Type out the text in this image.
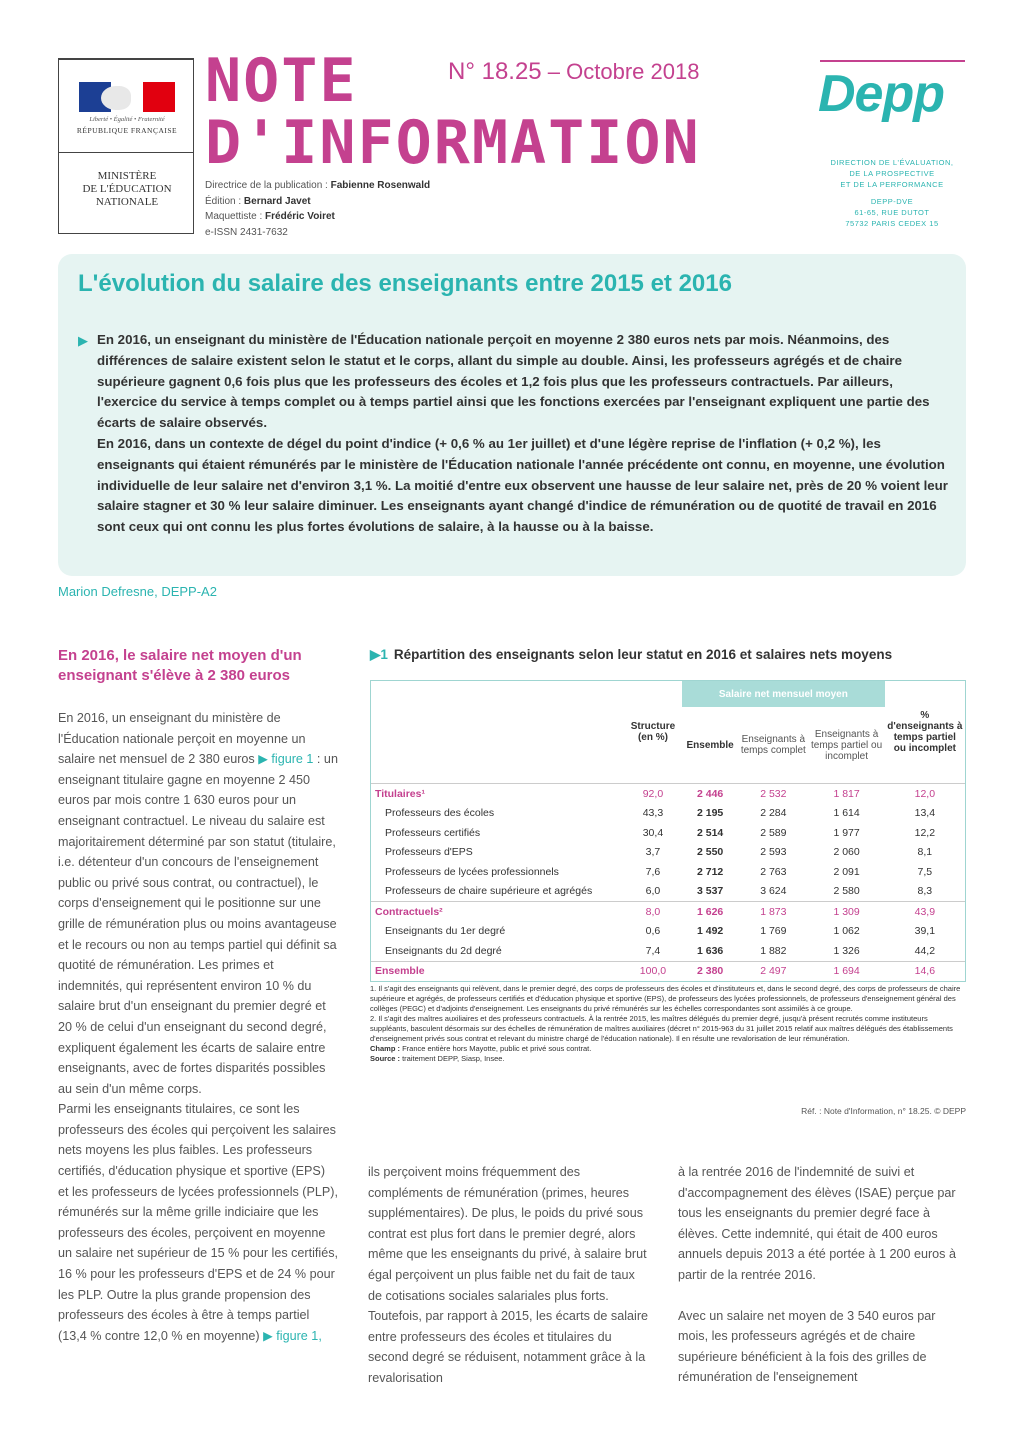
Liberté • Égalité • Fraternité
RÉPUBLIQUE FRANÇAISE
MINISTÈRE
DE L'ÉDUCATION
NATIONALE
NOTE
D'INFORMATION
N° 18.25 – Octobre 2018
Directrice de la publication : Fabienne Rosenwald
Édition : Bernard Javet
Maquettiste : Frédéric Voiret
e-ISSN 2431-7632
Depp
DIRECTION DE L'ÉVALUATION,
DE LA PROSPECTIVE
ET DE LA PERFORMANCE
DEPP-DVE
61-65, RUE DUTOT
75732 PARIS CEDEX 15
L'évolution du salaire des enseignants entre 2015 et 2016
▶ En 2016, un enseignant du ministère de l'Éducation nationale perçoit en moyenne 2 380 euros nets par mois. Néanmoins, des différences de salaire existent selon le statut et le corps, allant du simple au double. Ainsi, les professeurs agrégés et de chaire supérieure gagnent 0,6 fois plus que les professeurs des écoles et 1,2 fois plus que les professeurs contractuels. Par ailleurs, l'exercice du service à temps complet ou à temps partiel ainsi que les fonctions exercées par l'enseignant expliquent une partie des écarts de salaire observés.

En 2016, dans un contexte de dégel du point d'indice (+ 0,6 % au 1er juillet) et d'une légère reprise de l'inflation (+ 0,2 %), les enseignants qui étaient rémunérés par le ministère de l'Éducation nationale l'année précédente ont connu, en moyenne, une évolution individuelle de leur salaire net d'environ 3,1 %. La moitié d'entre eux observent une hausse de leur salaire net, près de 20 % voient leur salaire stagner et 30 % leur salaire diminuer. Les enseignants ayant changé d'indice de rémunération ou de quotité de travail en 2016 sont ceux qui ont connu les plus fortes évolutions de salaire, à la hausse ou à la baisse.

Marion Defresne, DEPP-A2
En 2016, le salaire net moyen d'un enseignant s'élève à 2 380 euros

En 2016, un enseignant du ministère de l'Éducation nationale perçoit en moyenne un salaire net mensuel de 2 380 euros ▶ figure 1 : un enseignant titulaire gagne en moyenne 2 450 euros par mois contre 1 630 euros pour un enseignant contractuel. Le niveau du salaire est majoritairement déterminé par son statut (titulaire, i.e. détenteur d'un concours de l'enseignement public ou privé sous contrat, ou contractuel), le corps d'enseignement qui le positionne sur une grille de rémunération plus ou moins avantageuse et le recours ou non au temps partiel qui définit sa quotité de rémunération. Les primes et indemnités, qui représentent environ 10 % du salaire brut d'un enseignant du premier degré et 20 % de celui d'un enseignant du second degré, expliquent également les écarts de salaire entre enseignants, avec de fortes disparités possibles au sein d'un même corps.

Parmi les enseignants titulaires, ce sont les professeurs des écoles qui perçoivent les salaires nets moyens les plus faibles. Les professeurs certifiés, d'éducation physique et sportive (EPS) et les professeurs de lycées professionnels (PLP), rémunérés sur la même grille indiciaire que les professeurs des écoles, perçoivent en moyenne un salaire net supérieur de 15 % pour les certifiés, 16 % pour les professeurs d'EPS et de 24 % pour les PLP. Outre la plus grande propension des professeurs des écoles à être à temps partiel (13,4 % contre 12,0 % en moyenne) ▶ figure 1,

ils perçoivent moins fréquemment des compléments de rémunération (primes, heures supplémentaires). De plus, le poids du privé sous contrat est plus fort dans le premier degré, alors même que les enseignants du privé, à salaire brut égal perçoivent un plus faible net du fait de taux de cotisations sociales salariales plus forts. Toutefois, par rapport à 2015, les écarts de salaire entre professeurs des écoles et titulaires du second degré se réduisent, notamment grâce à la revalorisation

à la rentrée 2016 de l'indemnité de suivi et d'accompagnement des élèves (ISAE) perçue par tous les enseignants du premier degré face à élèves. Cette indemnité, qui était de 400 euros annuels depuis 2013 a été portée à 1 200 euros à partir de la rentrée 2016.

Avec un salaire net moyen de 3 540 euros par mois, les professeurs agrégés et de chaire supérieure bénéficient à la fois des grilles de rémunération de l'enseignement

▶1 Répartition des enseignants selon leur statut en 2016 et salaires nets moyens
	Structure (en %)	Salaire net mensuel moyen			% d'enseignants à temps partiel ou incomplet
		Ensemble	Enseignants à temps complet	Enseignants à temps partiel ou incomplet	
Titulaires¹	92,0	2 446	2 532	1 817	12,0
Professeurs des écoles	43,3	2 195	2 284	1 614	13,4
Professeurs certifiés	30,4	2 514	2 589	1 977	12,2
Professeurs d'EPS	3,7	2 550	2 593	2 060	8,1
Professeurs de lycées professionnels	7,6	2 712	2 763	2 091	7,5
Professeurs de chaire supérieure et agrégés	6,0	3 537	3 624	2 580	8,3
Contractuels²	8,0	1 626	1 873	1 309	43,9
Enseignants du 1er degré	0,6	1 492	1 769	1 062	39,1
Enseignants du 2d degré	7,4	1 636	1 882	1 326	44,2
Ensemble	100,0	2 380	2 497	1 694	14,6

1. Il s'agit des enseignants qui relèvent, dans le premier degré, des corps de professeurs des écoles et d'instituteurs et, dans le second degré, des corps de professeurs de chaire supérieure et agrégés, de professeurs certifiés et d'éducation physique et sportive (EPS), de professeurs des lycées professionnels, de professeurs d'enseignement général des collèges (PEGC) et d'adjoints d'enseignement. Les enseignants du privé rémunérés sur les échelles correspondantes sont assimilés à ce groupe.

2. Il s'agit des maîtres auxiliaires et des professeurs contractuels. À la rentrée 2015, les maîtres délégués du premier degré, jusqu'à présent recrutés comme instituteurs suppléants, basculent désormais sur des échelles de rémunération de maîtres auxiliaires (décret n° 2015-963 du 31 juillet 2015 relatif aux maîtres délégués des établissements d'enseignement privés sous contrat et relevant du ministre chargé de l'éducation nationale). Il en résulte une revalorisation de leur rémunération.

Champ : France entière hors Mayotte, public et privé sous contrat.

Source : traitement DEPP, Siasp, Insee.

Réf. : Note d'Information, n° 18.25. © DEPP
